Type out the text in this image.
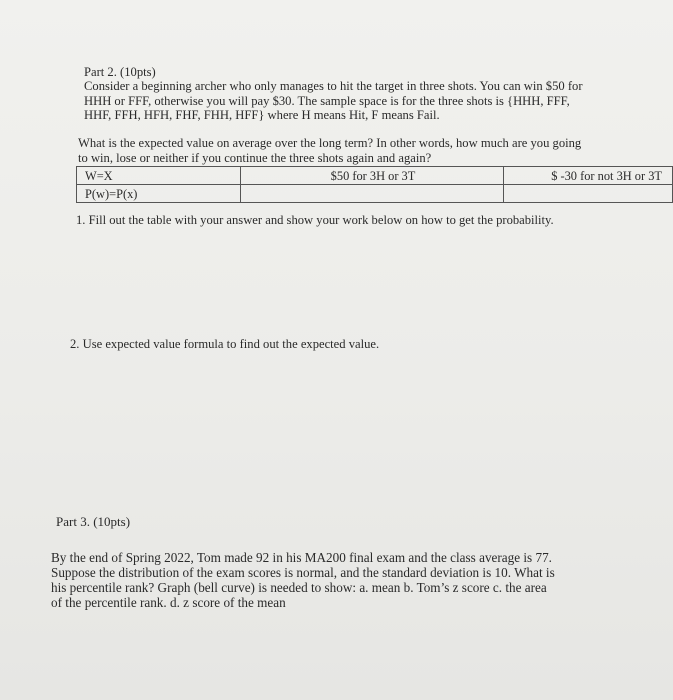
Part 2. (10pts)
Consider a beginning archer who only manages to hit the target in three shots. You can win $50 for
HHH or FFF, otherwise you will pay $30. The sample space is for the three shots is {HHH, FFF,
HHF, FFH, HFH, FHF, FHH, HFF} where H means Hit, F means Fail.
What is the expected value on average over the long term? In other words, how much are you going
to win, lose or neither if you continue the three shots again and again?
W=X	$50 for 3H or 3T	$ -30 for not 3H or 3T
P(w)=P(x)		
1. Fill out the table with your answer and show your work below on how to get the probability.
2. Use expected value formula to find out the expected value.
Part 3. (10pts)
By the end of Spring 2022, Tom made 92 in his MA200 final exam and the class average is 77.
Suppose the distribution of the exam scores is normal, and the standard deviation is 10. What is
his percentile rank? Graph (bell curve) is needed to show: a. mean b. Tom’s z score c. the area
of the percentile rank. d. z score of the mean
